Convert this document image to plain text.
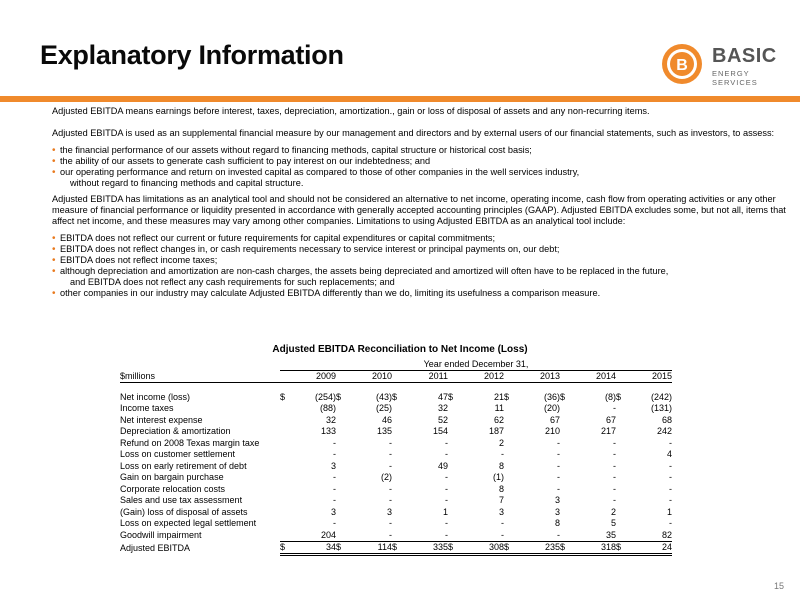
Explanatory Information	B BASIC
ENERGY SERVICES

Adjusted EBITDA means earnings before interest, taxes, depreciation, amortization., gain or loss of disposal of assets and any non-recurring items.

Adjusted EBITDA is used as an supplemental financial measure by our management and directors and by external users of our financial statements, such as investors, to assess:

• the financial performance of our assets without regard to financing methods, capital structure or historical cost basis;
• the ability of our assets to generate cash sufficient to pay interest on our indebtedness; and
• our operating performance and return on invested capital as compared to those of other companies in the well services industry,
without regard to financing methods and capital structure.

Adjusted EBITDA has limitations as an analytical tool and should not be considered an alternative to net income, operating income, cash flow from operating activities or any other measure of financial performance or liquidity presented in accordance with generally accepted accounting principles (GAAP). Adjusted EBITDA excludes some, but not all, items that affect net income, and these measures may vary among other companies. Limitations to using Adjusted EBITDA as an analytical tool include:

• EBITDA does not reflect our current or future requirements for capital expenditures or capital commitments;
• EBITDA does not reflect changes in, or cash requirements necessary to service interest or principal payments on, our debt;
• EBITDA does not reflect income taxes;
• although depreciation and amortization are non-cash charges, the assets being depreciated and amortized will often have to be replaced in the future,
and EBITDA does not reflect any cash requirements for such replacements; and
• other companies in our industry may calculate Adjusted EBITDA differently than we do, limiting its usefulness a comparison measure.
Adjusted EBITDA Reconciliation to Net Income (Loss)
	Year ended December 31,													
$millions		2009		2010		2011		2012		2013		2014		2015

Net income (loss)	$	(254)	$	(43)	$	47	$	21	$	(36)	$	(8)	$	(242)
Income taxes		(88)		(25)		32		11		(20)		-		(131)
Net interest expense		32		46		52		62		67		67		68
Depreciation & amortization		133		135		154		187		210		217		242
Refund on 2008 Texas margin taxe		-		-		-		2		-		-		-
Loss on customer settlement		-		-		-		-		-		-		4
Loss on early retirement of debt		3		-		49		8		-		-		-
Gain on bargain purchase		-		(2)		-		(1)		-		-		-
Corporate relocation costs		-		-		-		8		-		-		-
Sales and use tax assessment		-		-		-		7		3		-		-
(Gain) loss of disposal of assets		3		3		1		3		3		2		1
Loss on expected legal settlement		-		-		-		-		8		5		-
Goodwill impairment		204		-		-		-		-		35		82
Adjusted EBITDA	$	34	$	114	$	335	$	308	$	235	$	318	$	24
15
